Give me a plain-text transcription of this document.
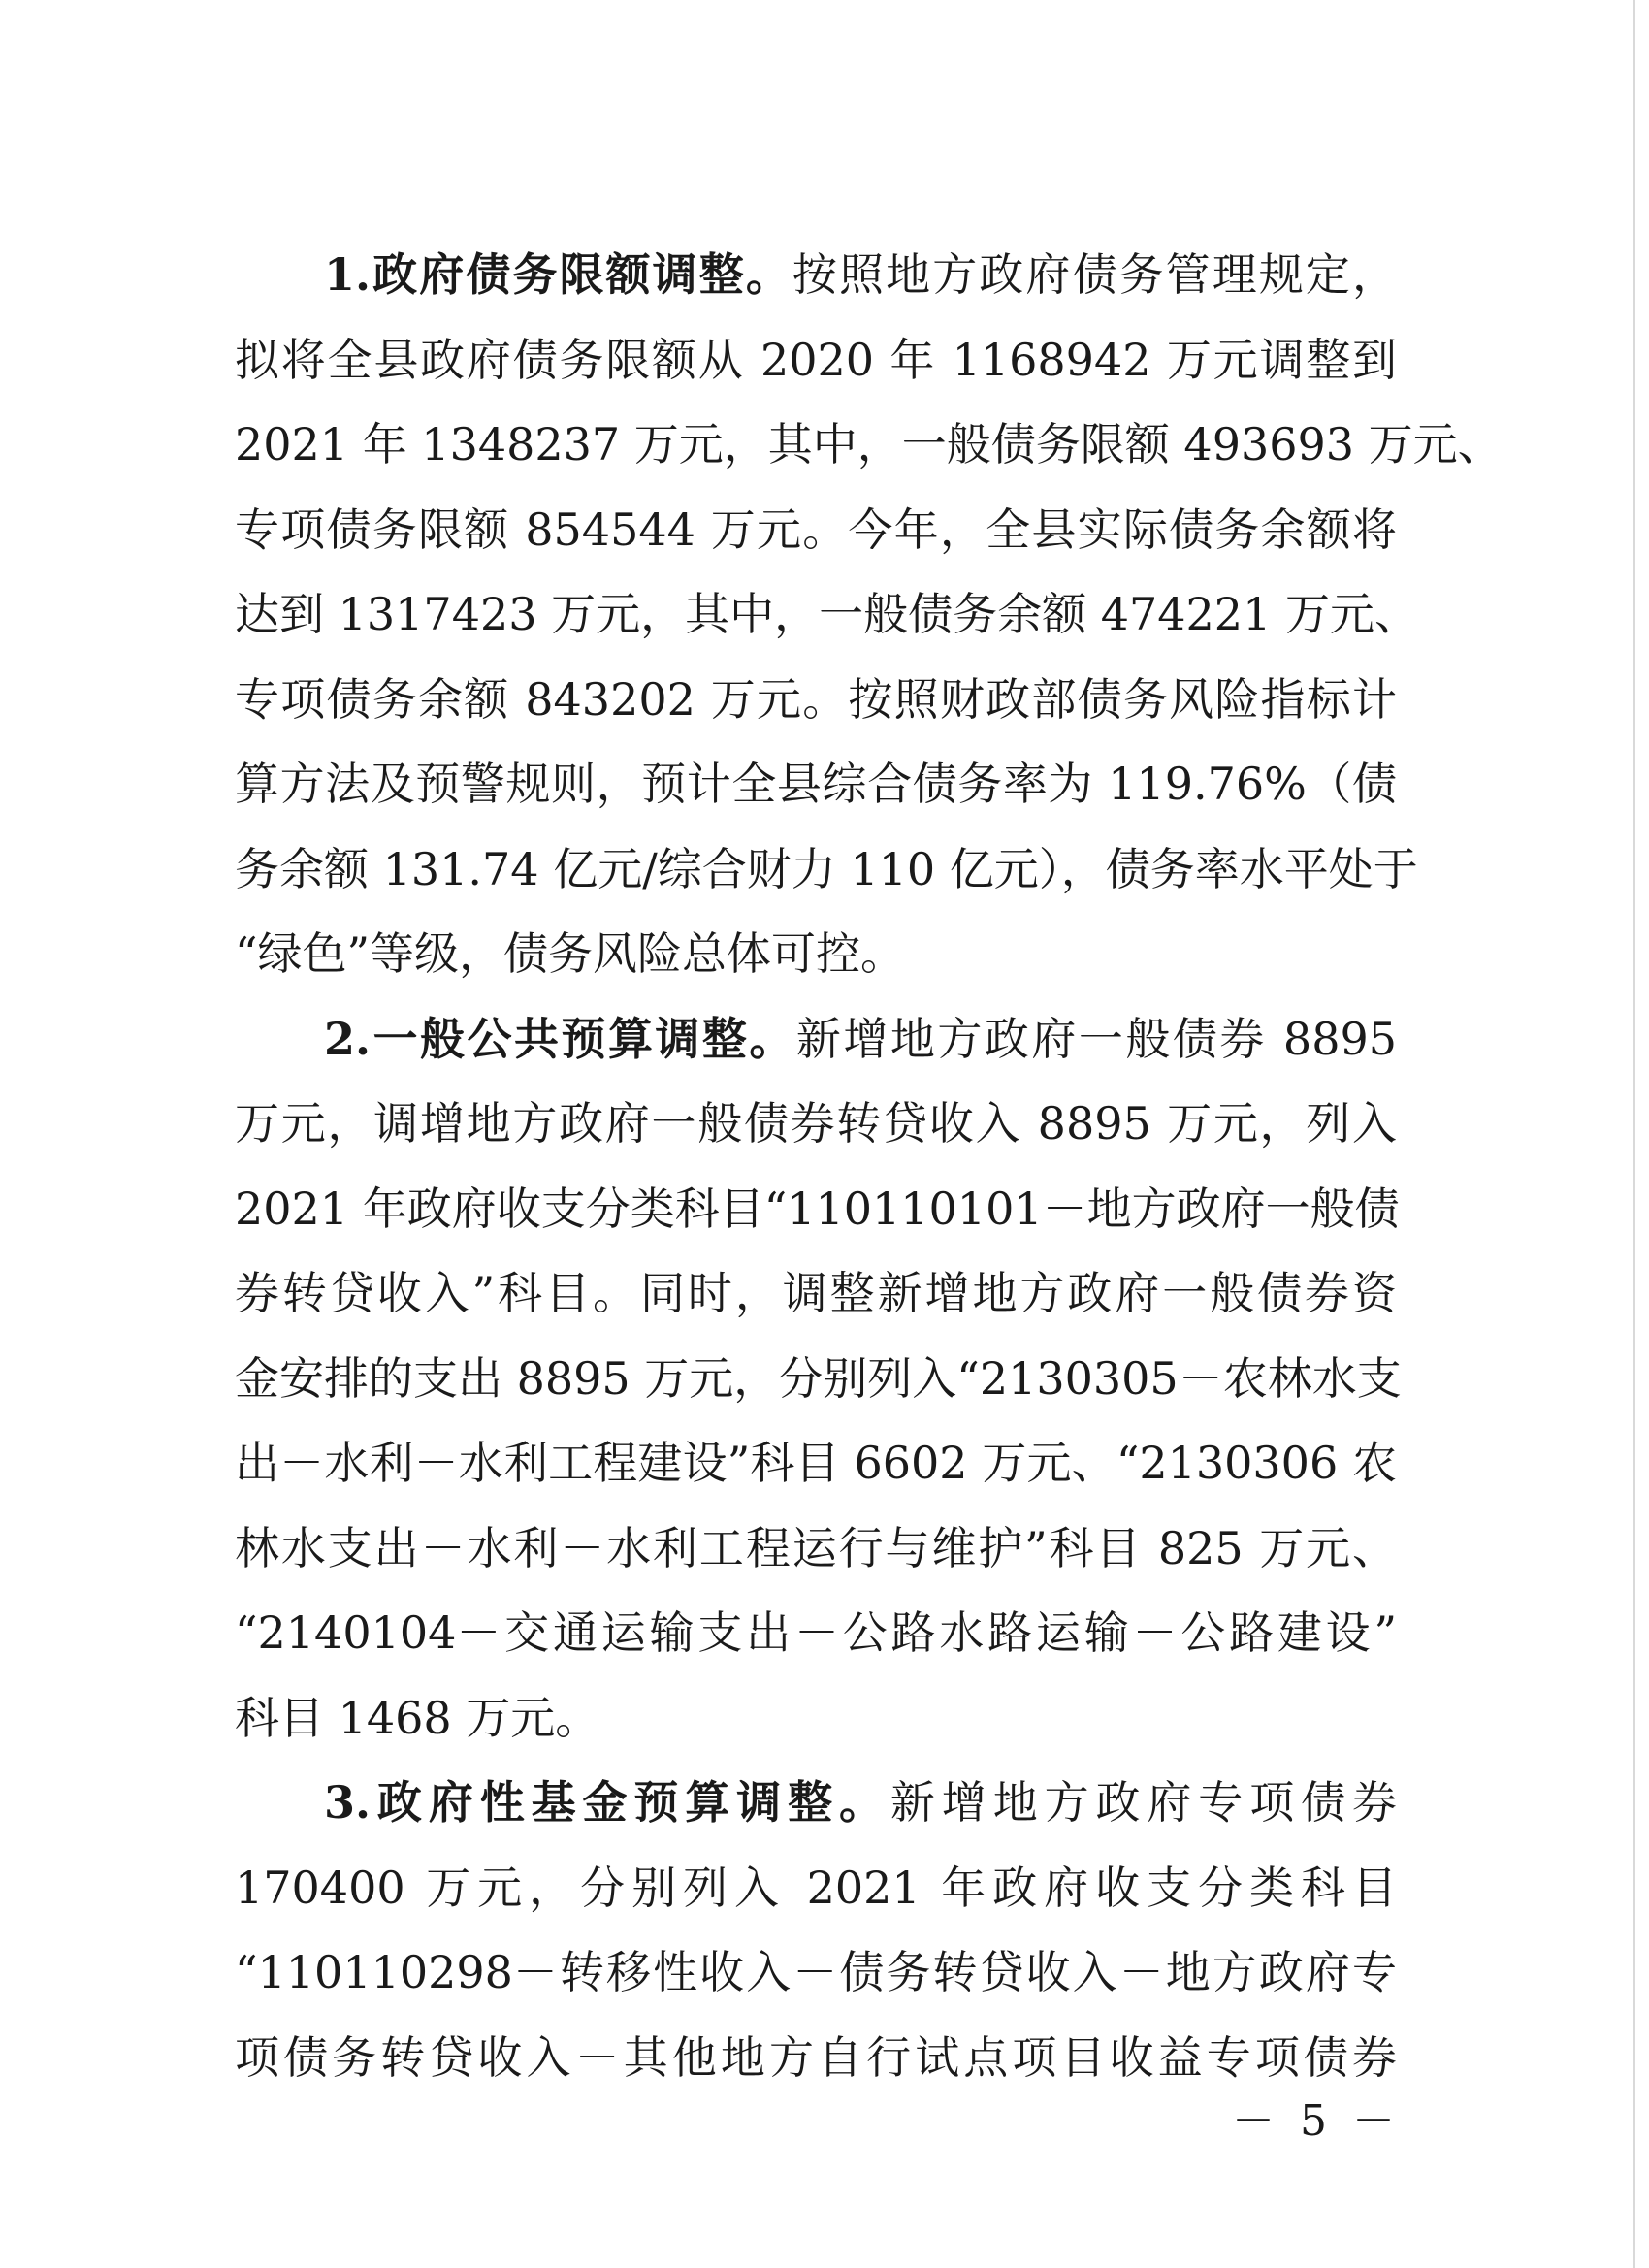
1.政府债务限额调整。按照地方政府债务管理规定，
拟将全县政府债务限额从 2020 年 1168942 万元调整到
2021 年 1348237 万元，其中，一般债务限额 493693 万元、
专项债务限额 854544 万元。今年，全县实际债务余额将
达到 1317423 万元，其中，一般债务余额 474221 万元、
专项债务余额 843202 万元。按照财政部债务风险指标计
算方法及预警规则，预计全县综合债务率为 119.76%（债
务余额 131.74 亿元/综合财力 110 亿元），债务率水平处于
“绿色”等级，债务风险总体可控。
2.一般公共预算调整。新增地方政府一般债券 8895
万元，调增地方政府一般债券转贷收入 8895 万元，列入
2021 年政府收支分类科目“110110101－地方政府一般债
券转贷收入”科目。同时，调整新增地方政府一般债券资
金安排的支出 8895 万元，分别列入“2130305－农林水支
出－水利－水利工程建设”科目 6602 万元、“2130306 农
林水支出－水利－水利工程运行与维护”科目 825 万元、
“2140104－交通运输支出－公路水路运输－公路建设”
科目 1468 万元。
3.政府性基金预算调整。新增地方政府专项债券
170400 万元，分别列入 2021 年政府收支分类科目
“110110298－转移性收入－债务转贷收入－地方政府专
项债务转贷收入－其他地方自行试点项目收益专项债券
－ 5 －
